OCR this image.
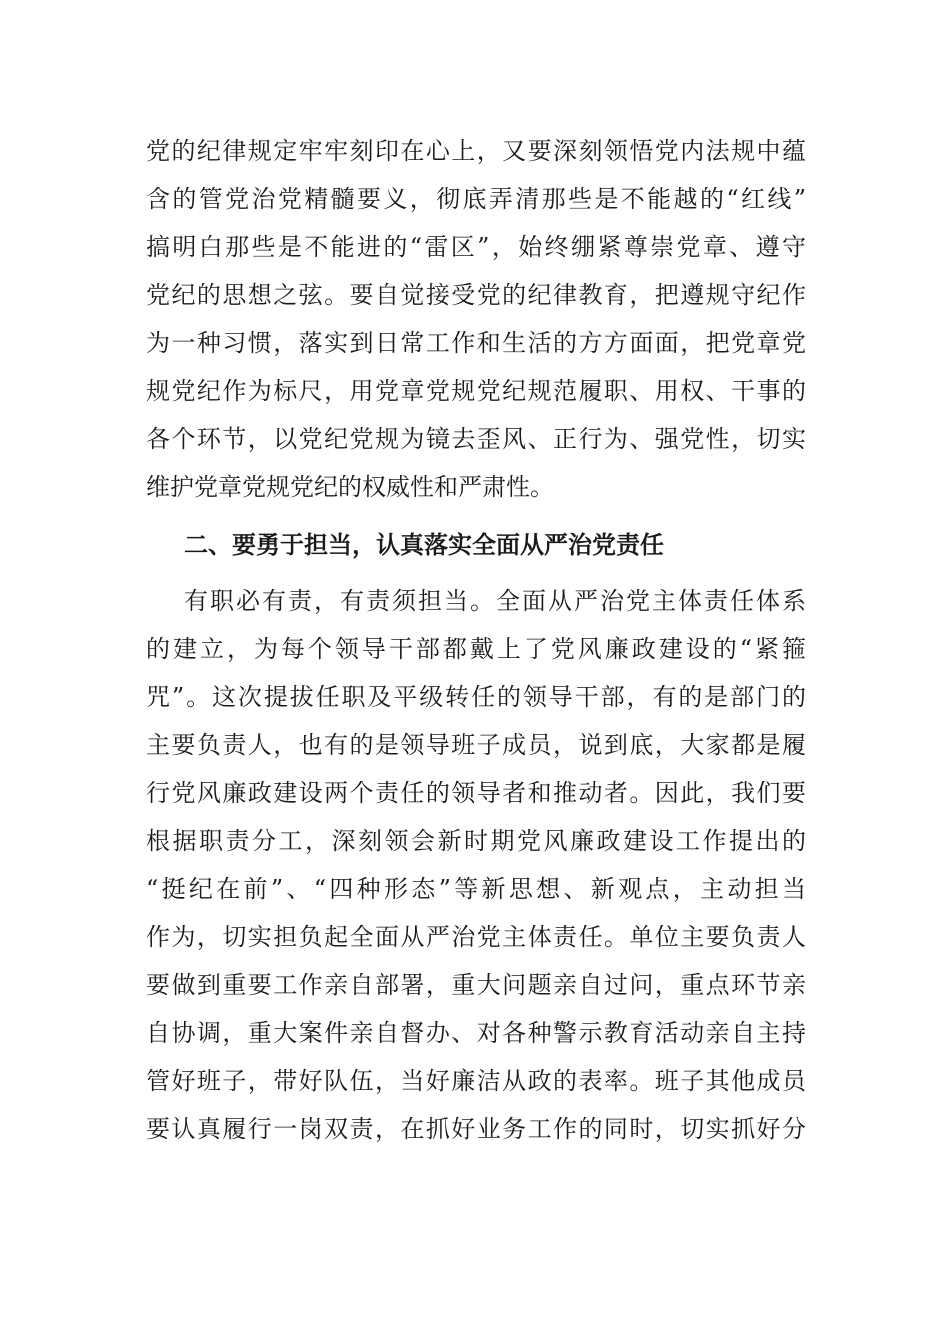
党的纪律规定牢牢刻印在心上，又要深刻领悟党内法规中蕴
含的管党治党精髓要义，彻底弄清那些是不能越的“红线”
搞明白那些是不能进的“雷区”，始终绷紧尊崇党章、遵守
党纪的思想之弦。要自觉接受党的纪律教育，把遵规守纪作
为一种习惯，落实到日常工作和生活的方方面面，把党章党
规党纪作为标尺，用党章党规党纪规范履职、用权、干事的
各个环节，以党纪党规为镜去歪风、正行为、强党性，切实
维护党章党规党纪的权威性和严肃性。
二、要勇于担当，认真落实全面从严治党责任
有职必有责，有责须担当。全面从严治党主体责任体系
的建立，为每个领导干部都戴上了党风廉政建设的“紧箍
咒”。这次提拔任职及平级转任的领导干部，有的是部门的
主要负责人，也有的是领导班子成员，说到底，大家都是履
行党风廉政建设两个责任的领导者和推动者。因此，我们要
根据职责分工，深刻领会新时期党风廉政建设工作提出的
“挺纪在前”、“四种形态”等新思想、新观点，主动担当
作为，切实担负起全面从严治党主体责任。单位主要负责人
要做到重要工作亲自部署，重大问题亲自过问，重点环节亲
自协调，重大案件亲自督办、对各种警示教育活动亲自主持
管好班子，带好队伍，当好廉洁从政的表率。班子其他成员
要认真履行一岗双责，在抓好业务工作的同时，切实抓好分
